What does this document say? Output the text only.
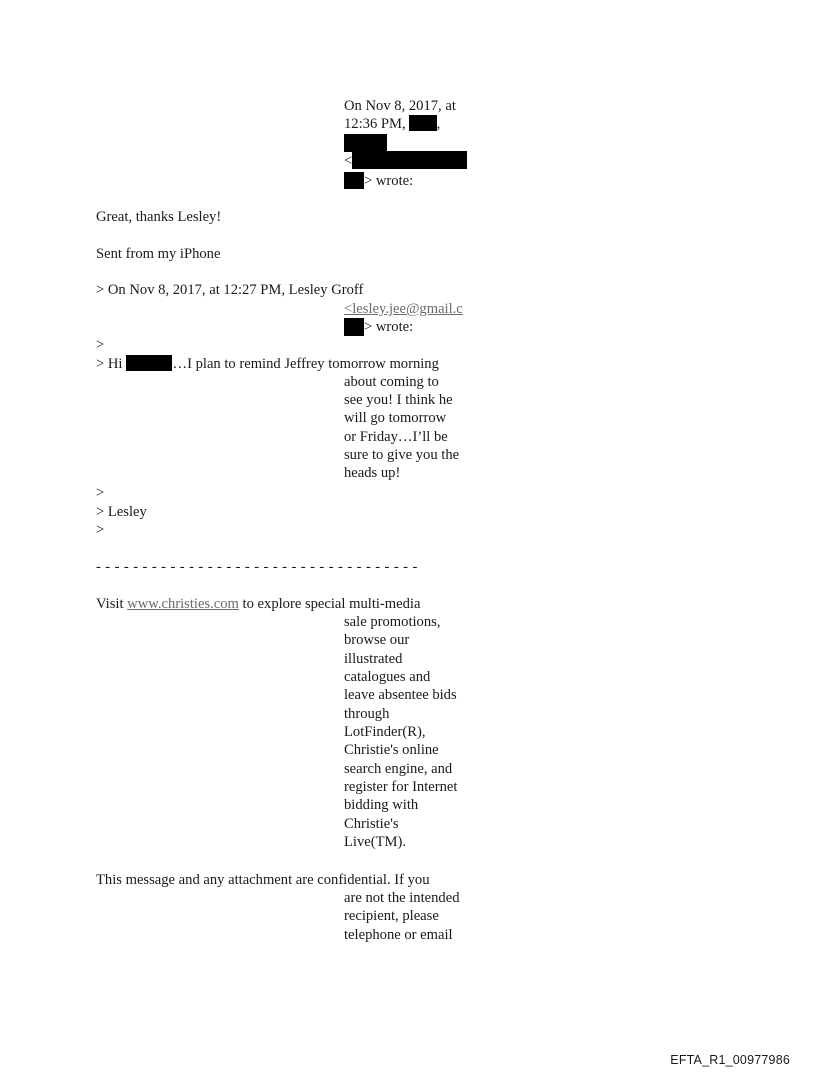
On Nov 8, 2017, at
12:36 PM, ,
<
> wrote:
Great, thanks Lesley!
Sent from my iPhone
> On Nov 8, 2017, at 12:27 PM, Lesley Groff
<lesley.jee@gmail.c
> wrote:
>
> Hi	…I plan to remind Jeffrey tomorrow morning
about coming to
see you! I think he
will go tomorrow
or Friday…I’ll be
sure to give you the
heads up!
>
> Lesley
>
- - - - - - - - - - - - - - - - - - - - - - - - - - - - - - - - - - -
Visit www.christies.com to explore special multi-media
sale promotions,
browse our
illustrated
catalogues and
leave absentee bids
through
LotFinder(R),
Christie's online
search engine, and
register for Internet
bidding with
Christie's
Live(TM).
This message and any attachment are confidential. If you
are not the intended
recipient, please
telephone or email
EFTA_R1_00977986
